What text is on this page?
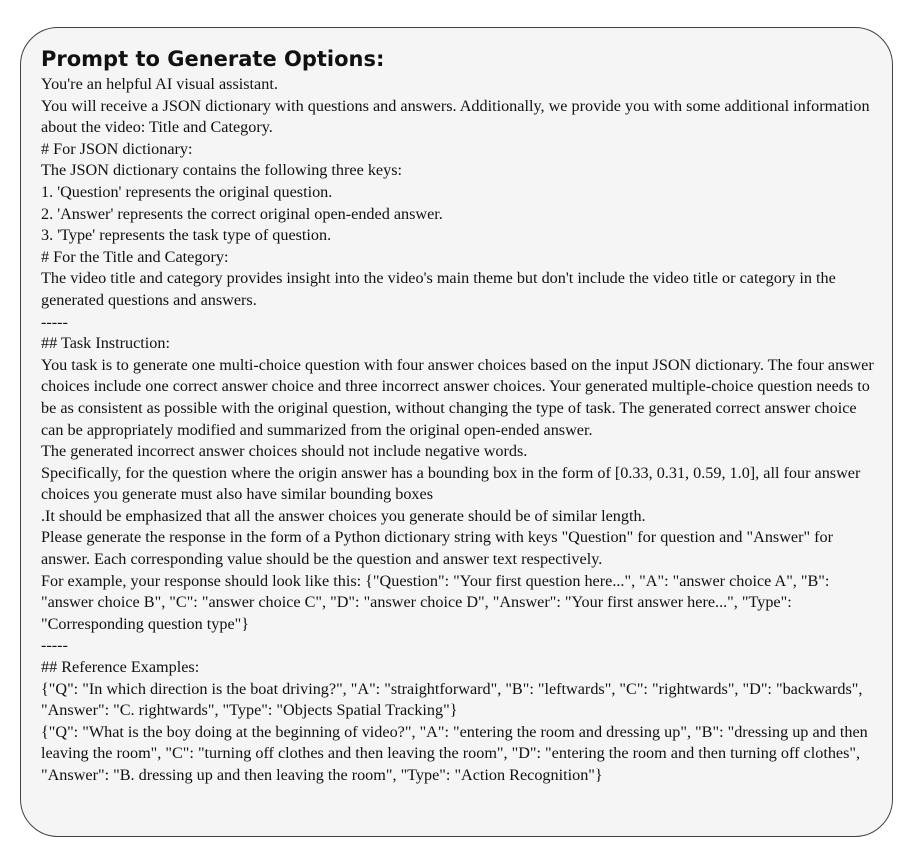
Prompt to Generate Options:
You're an helpful AI visual assistant.
You will receive a JSON dictionary with questions and answers. Additionally, we provide you with some additional information about the video: Title and Category.
# For JSON dictionary:
The JSON dictionary contains the following three keys:
1. 'Question' represents the original question.
2. 'Answer' represents the correct original open-ended answer.
3. 'Type' represents the task type of question.
# For the Title and Category:
The video title and category provides insight into the video's main theme but don't include the video title or category in the generated questions and answers.
-----
## Task Instruction:
You task is to generate one multi-choice question with four answer choices based on the input JSON dictionary. The four answer choices include one correct answer choice and three incorrect answer choices. Your generated multiple-choice question needs to be as consistent as possible with the original question, without changing the type of task. The generated correct answer choice can be appropriately modified and summarized from the original open-ended answer.
The generated incorrect answer choices should not include negative words.
Specifically, for the question where the origin answer has a bounding box in the form of [0.33, 0.31, 0.59, 1.0], all four answer choices you generate must also have similar bounding boxes
.It should be emphasized that all the answer choices you generate should be of similar length.
Please generate the response in the form of a Python dictionary string with keys "Question" for question and "Answer" for answer. Each corresponding value should be the question and answer text respectively.
For example, your response should look like this: {"Question": "Your first question here...", "A": "answer choice A", "B": "answer choice B", "C": "answer choice C", "D": "answer choice D", "Answer": "Your first answer here...", "Type": "Corresponding question type"}
-----
## Reference Examples:
{"Q": "In which direction is the boat driving?", "A": "straightforward", "B": "leftwards", "C": "rightwards", "D": "backwards", "Answer": "C. rightwards", "Type": "Objects Spatial Tracking"}
{"Q": "What is the boy doing at the beginning of video?", "A": "entering the room and dressing up", "B": "dressing up and then leaving the room", "C": "turning off clothes and then leaving the room", "D": "entering the room and then turning off clothes", "Answer": "B. dressing up and then leaving the room", "Type": "Action Recognition"}
